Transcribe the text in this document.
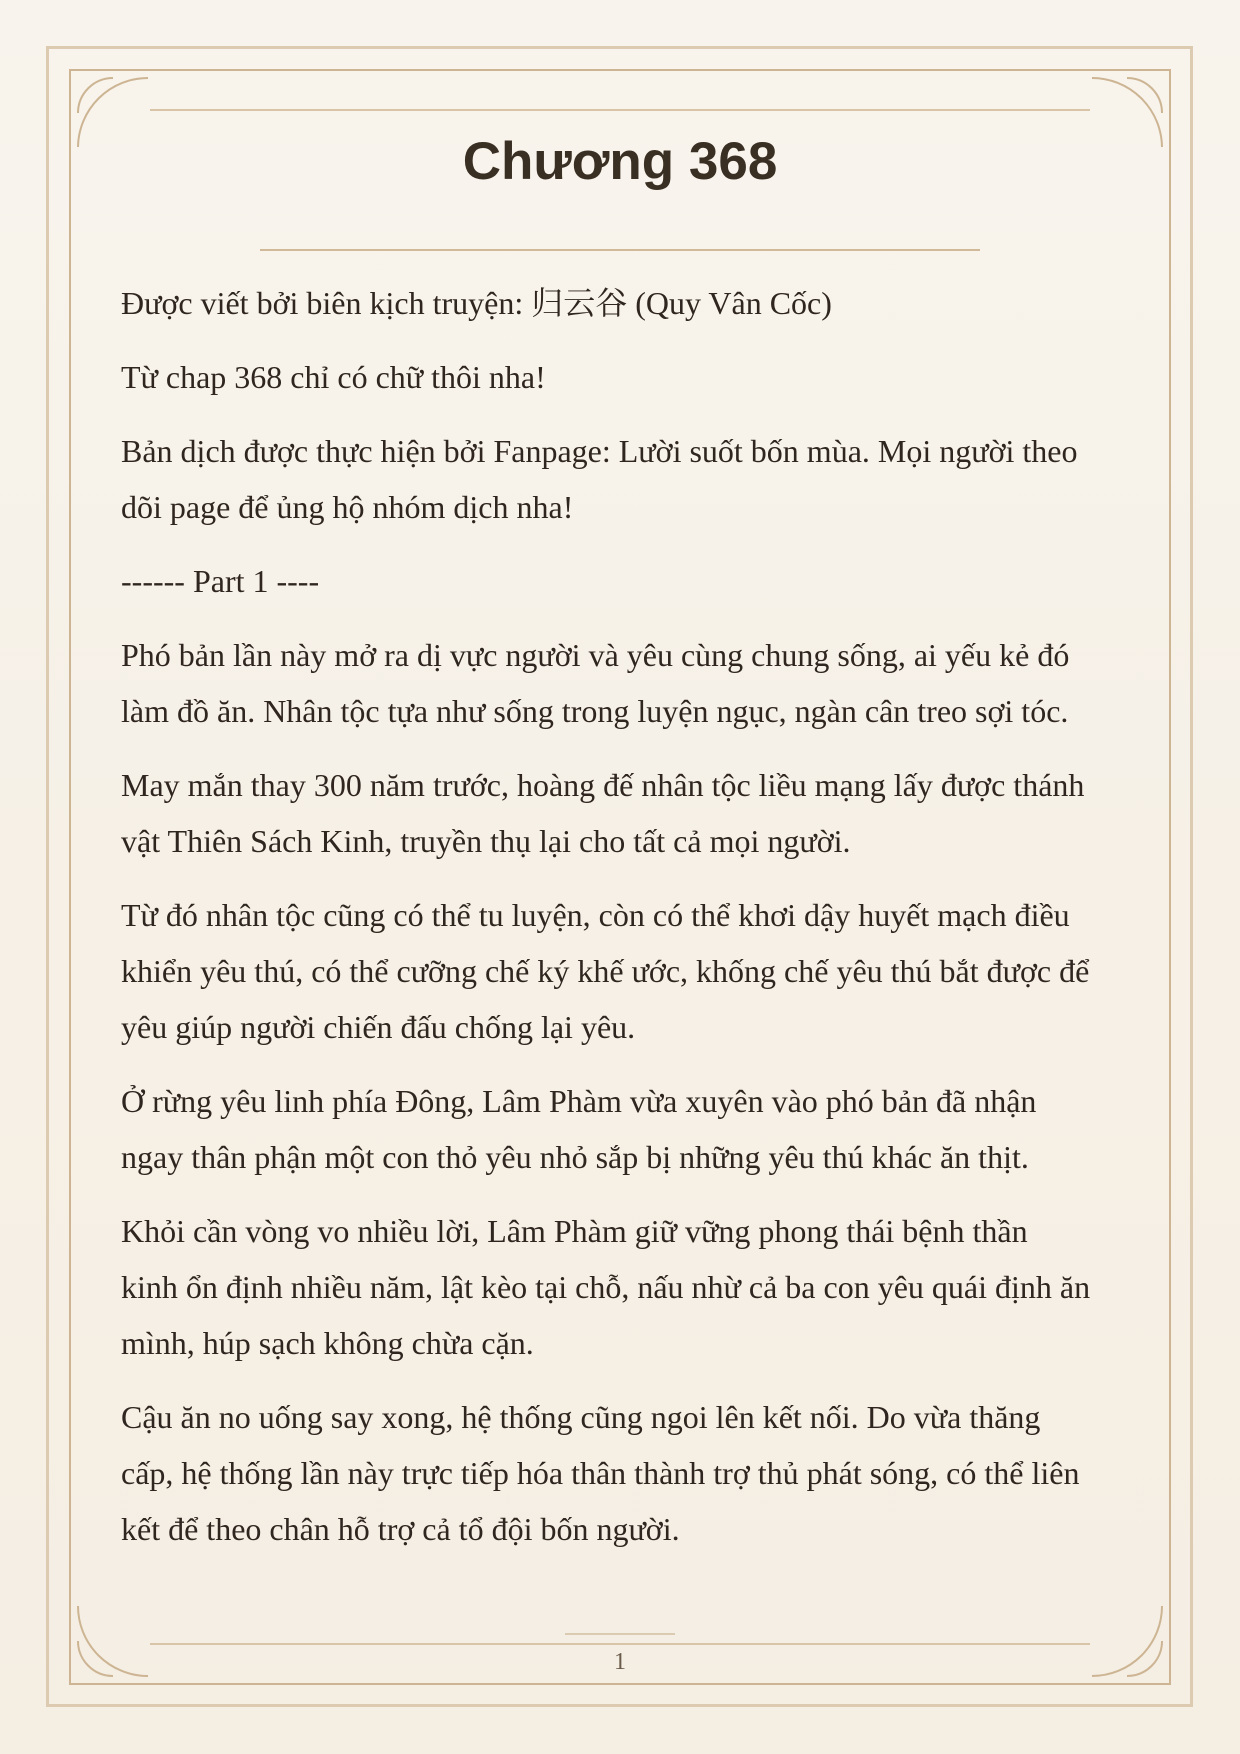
Chương 368

Được viết bởi biên kịch truyện: 归云谷 (Quy Vân Cốc)

Từ chap 368 chỉ có chữ thôi nha!

Bản dịch được thực hiện bởi Fanpage: Lười suốt bốn mùa. Mọi người theo
dõi page để ủng hộ nhóm dịch nha!

------ Part 1 ----

Phó bản lần này mở ra dị vực người và yêu cùng chung sống, ai yếu kẻ đó
làm đồ ăn. Nhân tộc tựa như sống trong luyện ngục, ngàn cân treo sợi tóc.

May mắn thay 300 năm trước, hoàng đế nhân tộc liều mạng lấy được thánh
vật Thiên Sách Kinh, truyền thụ lại cho tất cả mọi người.

Từ đó nhân tộc cũng có thể tu luyện, còn có thể khơi dậy huyết mạch điều
khiển yêu thú, có thể cưỡng chế ký khế ước, khống chế yêu thú bắt được để
yêu giúp người chiến đấu chống lại yêu.

Ở rừng yêu linh phía Đông, Lâm Phàm vừa xuyên vào phó bản đã nhận
ngay thân phận một con thỏ yêu nhỏ sắp bị những yêu thú khác ăn thịt.

Khỏi cần vòng vo nhiều lời, Lâm Phàm giữ vững phong thái bệnh thần
kinh ổn định nhiều năm, lật kèo tại chỗ, nấu nhừ cả ba con yêu quái định ăn
mình, húp sạch không chừa cặn.

Cậu ăn no uống say xong, hệ thống cũng ngoi lên kết nối. Do vừa thăng
cấp, hệ thống lần này trực tiếp hóa thân thành trợ thủ phát sóng, có thể liên
kết để theo chân hỗ trợ cả tổ đội bốn người.

1
